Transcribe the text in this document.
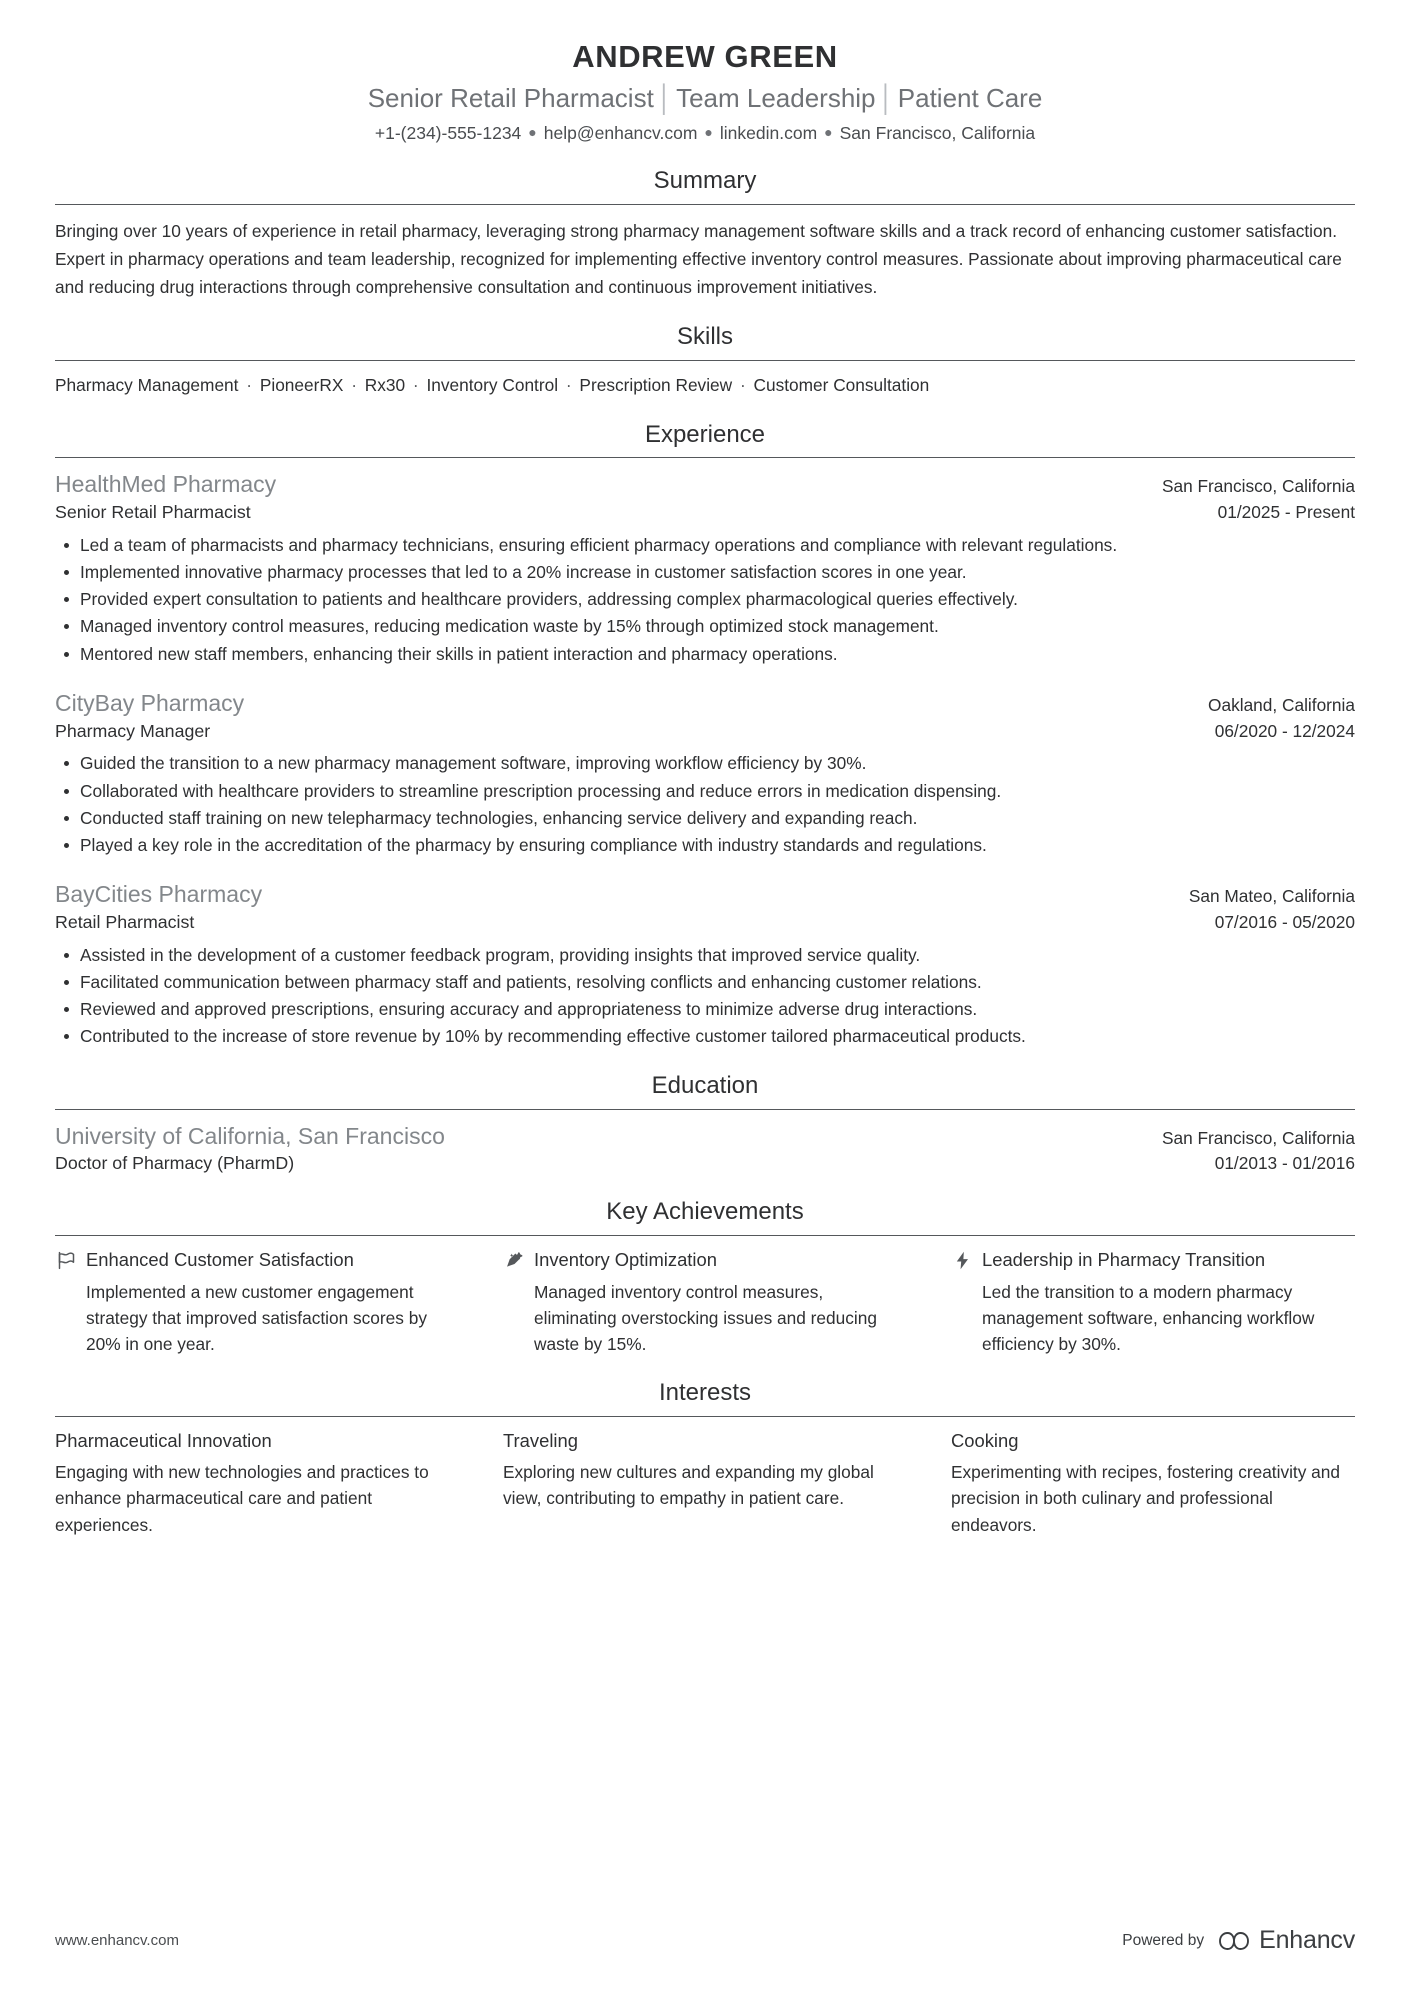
ANDREW GREEN
Senior Retail Pharmacist │ Team Leadership │ Patient Care
+1-(234)-555-1234 ● help@enhancv.com ● linkedin.com ● San Francisco, California
Summary

Bringing over 10 years of experience in retail pharmacy, leveraging strong pharmacy management software skills and a track record of enhancing customer satisfaction. Expert in pharmacy operations and team leadership, recognized for implementing effective inventory control measures. Passionate about improving pharmaceutical care and reducing drug interactions through comprehensive consultation and continuous improvement initiatives.

Skills
Pharmacy Management · PioneerRX · Rx30 · Inventory Control · Prescription Review · Customer Consultation
Experience
HealthMed Pharmacy	San Francisco, California
Senior Retail Pharmacist	01/2025 - Present
Led a team of pharmacists and pharmacy technicians, ensuring efficient pharmacy operations and compliance with relevant regulations.
Implemented innovative pharmacy processes that led to a 20% increase in customer satisfaction scores in one year.
Provided expert consultation to patients and healthcare providers, addressing complex pharmacological queries effectively.
Managed inventory control measures, reducing medication waste by 15% through optimized stock management.
Mentored new staff members, enhancing their skills in patient interaction and pharmacy operations.
CityBay Pharmacy	Oakland, California
Pharmacy Manager	06/2020 - 12/2024
Guided the transition to a new pharmacy management software, improving workflow efficiency by 30%.
Collaborated with healthcare providers to streamline prescription processing and reduce errors in medication dispensing.
Conducted staff training on new telepharmacy technologies, enhancing service delivery and expanding reach.
Played a key role in the accreditation of the pharmacy by ensuring compliance with industry standards and regulations.
BayCities Pharmacy	San Mateo, California
Retail Pharmacist	07/2016 - 05/2020
Assisted in the development of a customer feedback program, providing insights that improved service quality.
Facilitated communication between pharmacy staff and patients, resolving conflicts and enhancing customer relations.
Reviewed and approved prescriptions, ensuring accuracy and appropriateness to minimize adverse drug interactions.
Contributed to the increase of store revenue by 10% by recommending effective customer tailored pharmaceutical products.
Education
University of California, San Francisco	San Francisco, California
Doctor of Pharmacy (PharmD)	01/2013 - 01/2016
Key Achievements
Enhanced Customer Satisfaction
Implemented a new customer engagement strategy that improved satisfaction scores by 20% in one year.
Inventory Optimization
Managed inventory control measures, eliminating overstocking issues and reducing waste by 15%.
Leadership in Pharmacy Transition
Led the transition to a modern pharmacy management software, enhancing workflow efficiency by 30%.
Interests
Pharmaceutical Innovation
Engaging with new technologies and practices to enhance pharmaceutical care and patient experiences.
Traveling
Exploring new cultures and expanding my global view, contributing to empathy in patient care.
Cooking
Experimenting with recipes, fostering creativity and precision in both culinary and professional endeavors.
www.enhancv.com	Powered by Enhancv
